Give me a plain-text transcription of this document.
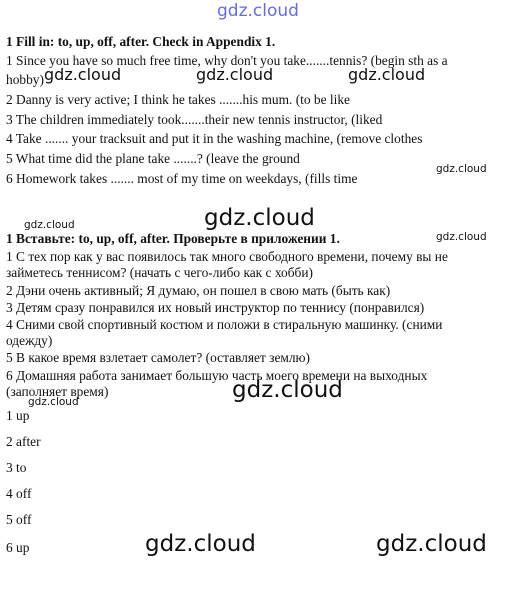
gdz.cloud
gdz.cloud	gdz.cloud	gdz.cloud
gdz.cloud
gdz.cloud	gdz.cloud
gdz.cloud
gdz.cloud
gdz.cloud
gdz.cloud	gdz.cloud

1 Fill in: to, up, off, after. Check in Appendix 1.

1 Since you have so much free time, why don't you take.......tennis? (begin sth as a

hobby)

2 Danny is very active; I think he takes .......his mum. (to be like

3 The children immediately took.......their new tennis instructor, (liked

4 Take ....... your tracksuit and put it in the washing machine, (remove clothes

5 What time did the plane take .......? (leave the ground

6 Homework takes ....... most of my time on weekdays, (fills time

1 Вставьте: to, up, off, after. Проверьте в приложении 1.

1 С тех пор как у вас появилось так много свободного времени, почему вы не

займетесь теннисом? (начать с чего-либо как с хобби)

2 Дэни очень активный; Я думаю, он пошел в свою мать (быть как)

3 Детям сразу понравился их новый инструктор по теннису (понравился)

4 Сними свой спортивный костюм и положи в стиральную машинку. (сними

одежду)

5 В какое время взлетает самолет? (оставляет землю)

6 Домашняя работа занимает большую часть моего времени на выходных

(заполняет время)

1 up

2 after

3 to

4 off

5 off

6 up
